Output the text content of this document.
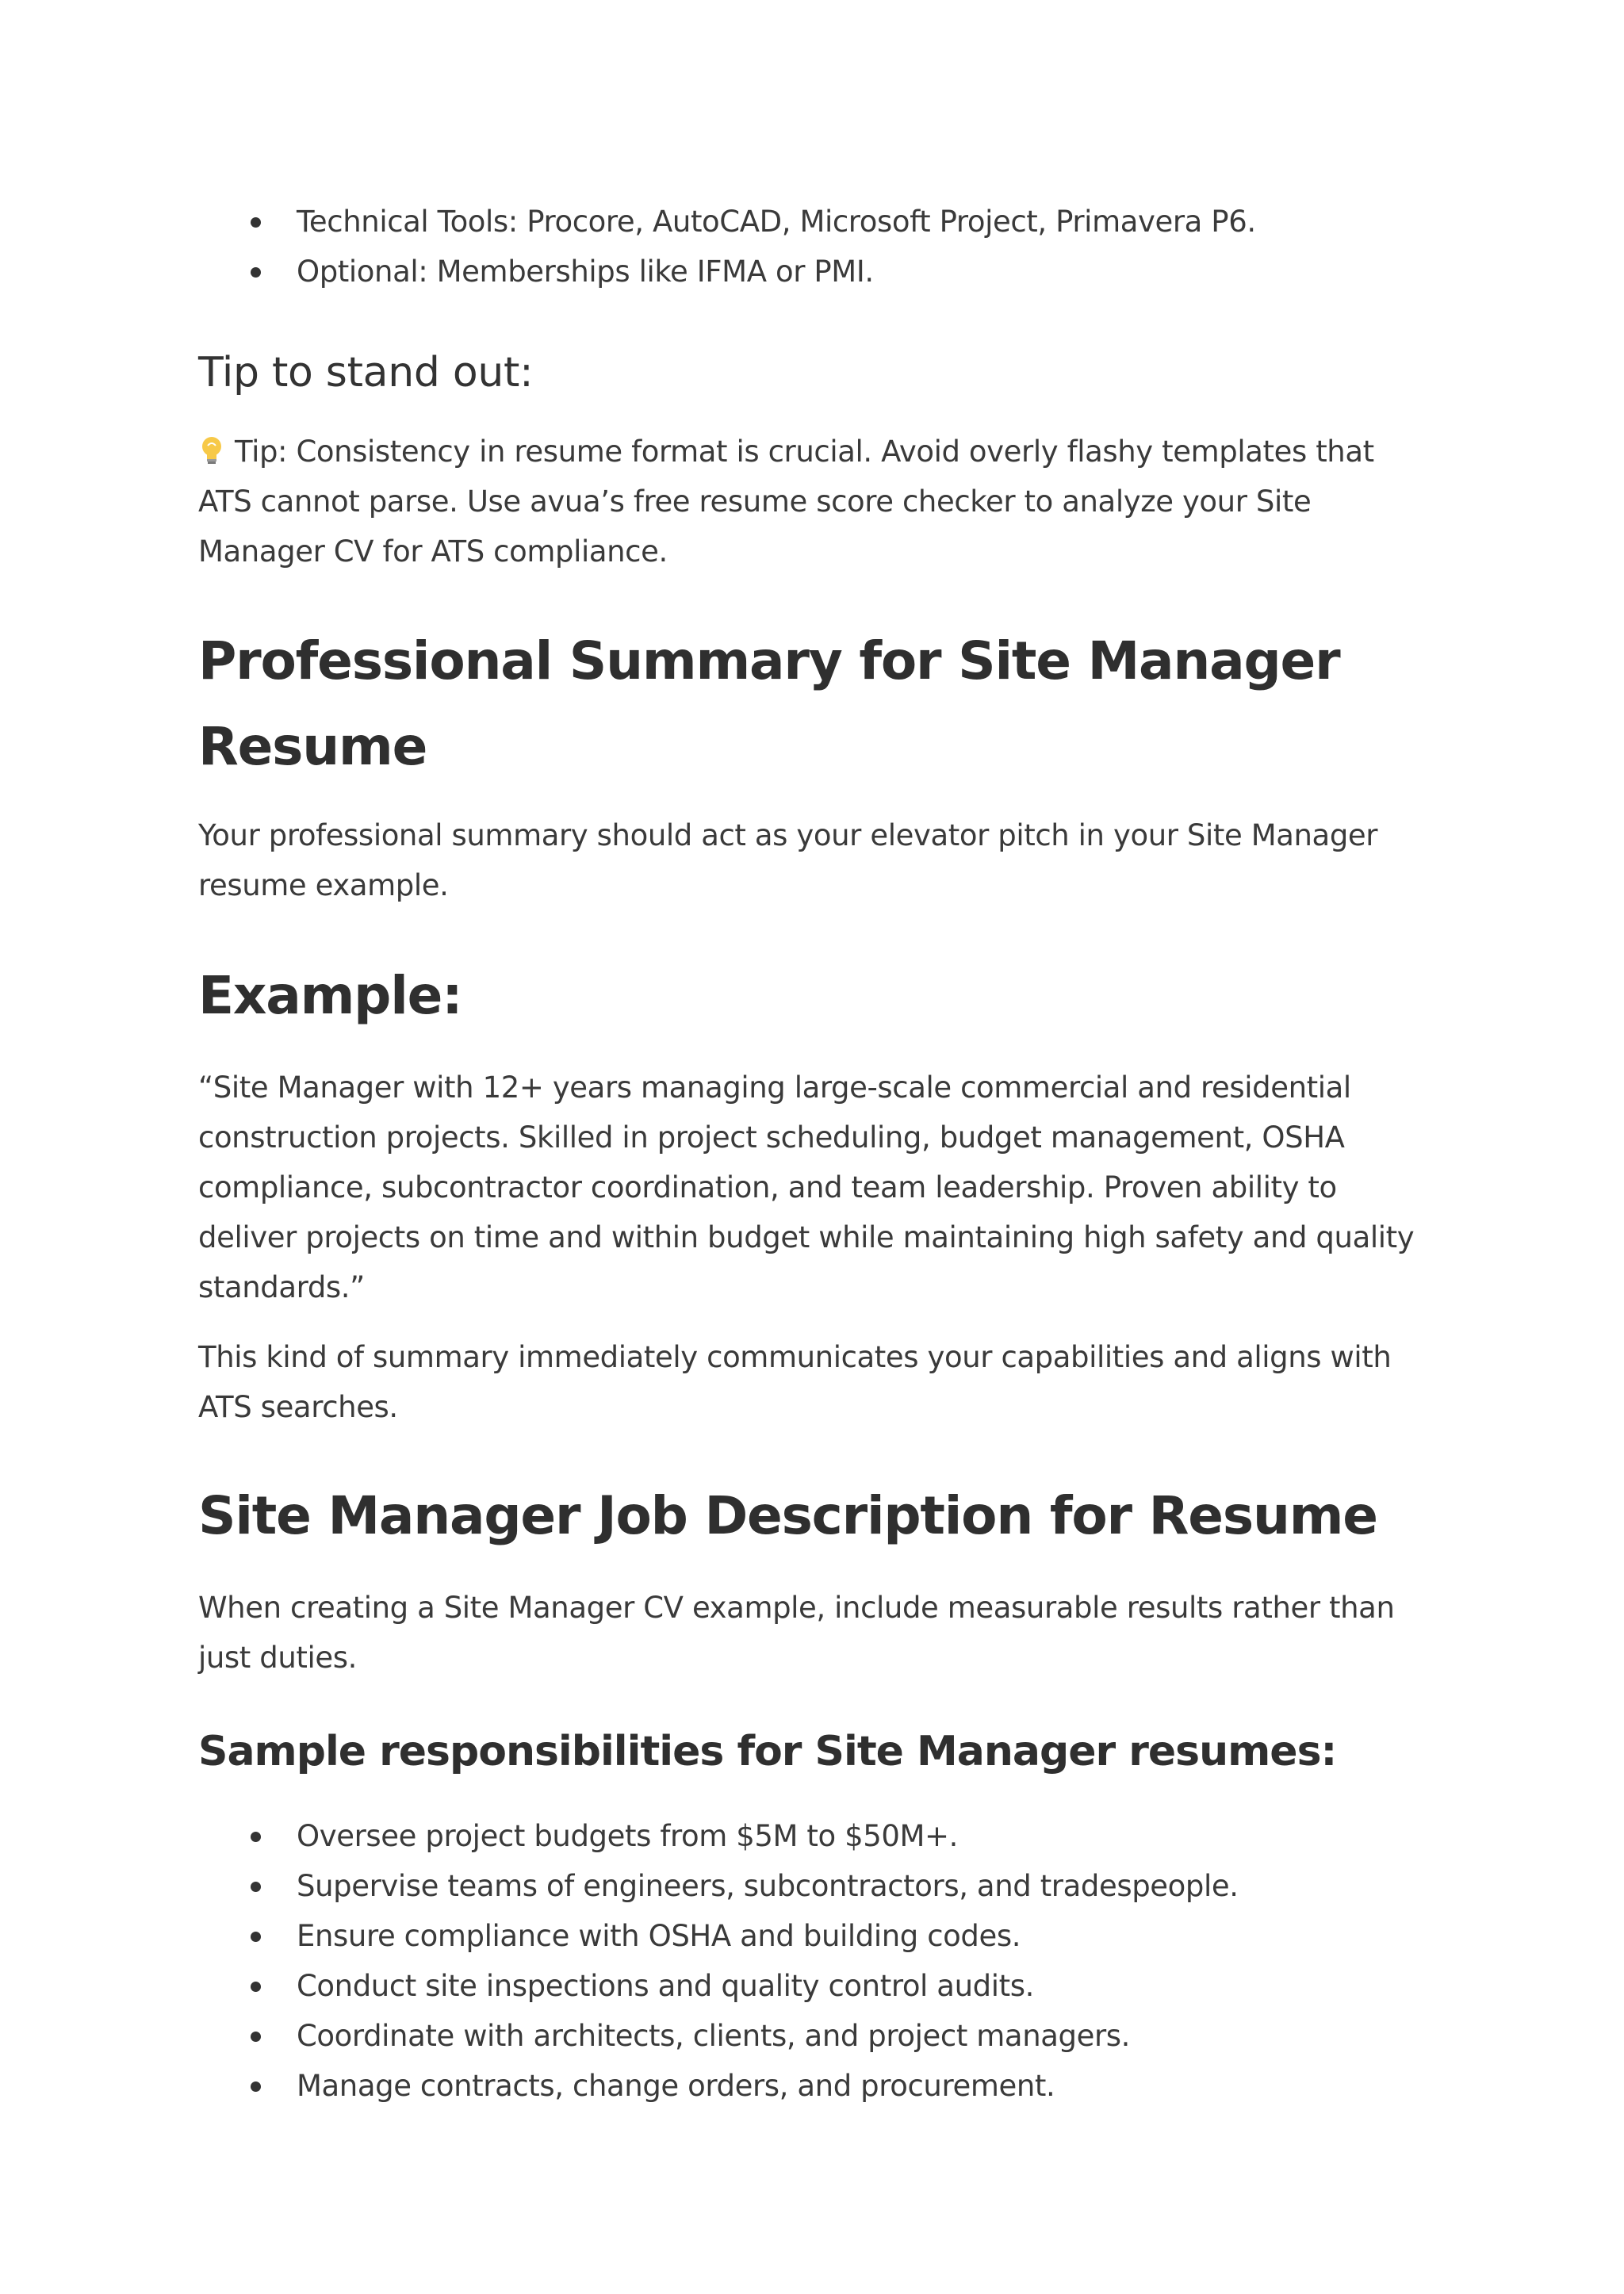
Technical Tools: Procore, AutoCAD, Microsoft Project, Primavera P6.
Optional: Memberships like IFMA or PMI.
Tip to stand out:

Tip: Consistency in resume format is crucial. Avoid overly flashy templates that ATS cannot parse. Use avua’s free resume score checker to analyze your Site Manager CV for ATS compliance.

Professional Summary for Site Manager Resume

Your professional summary should act as your elevator pitch in your Site Manager resume example.

Example:

“Site Manager with 12+ years managing large-scale commercial and residential construction projects. Skilled in project scheduling, budget management, OSHA compliance, subcontractor coordination, and team leadership. Proven ability to deliver projects on time and within budget while maintaining high safety and quality standards.”

This kind of summary immediately communicates your capabilities and aligns with ATS searches.

Site Manager Job Description for Resume

When creating a Site Manager CV example, include measurable results rather than just duties.

Sample responsibilities for Site Manager resumes:
Oversee project budgets from $5M to $50M+.
Supervise teams of engineers, subcontractors, and tradespeople.
Ensure compliance with OSHA and building codes.
Conduct site inspections and quality control audits.
Coordinate with architects, clients, and project managers.
Manage contracts, change orders, and procurement.
